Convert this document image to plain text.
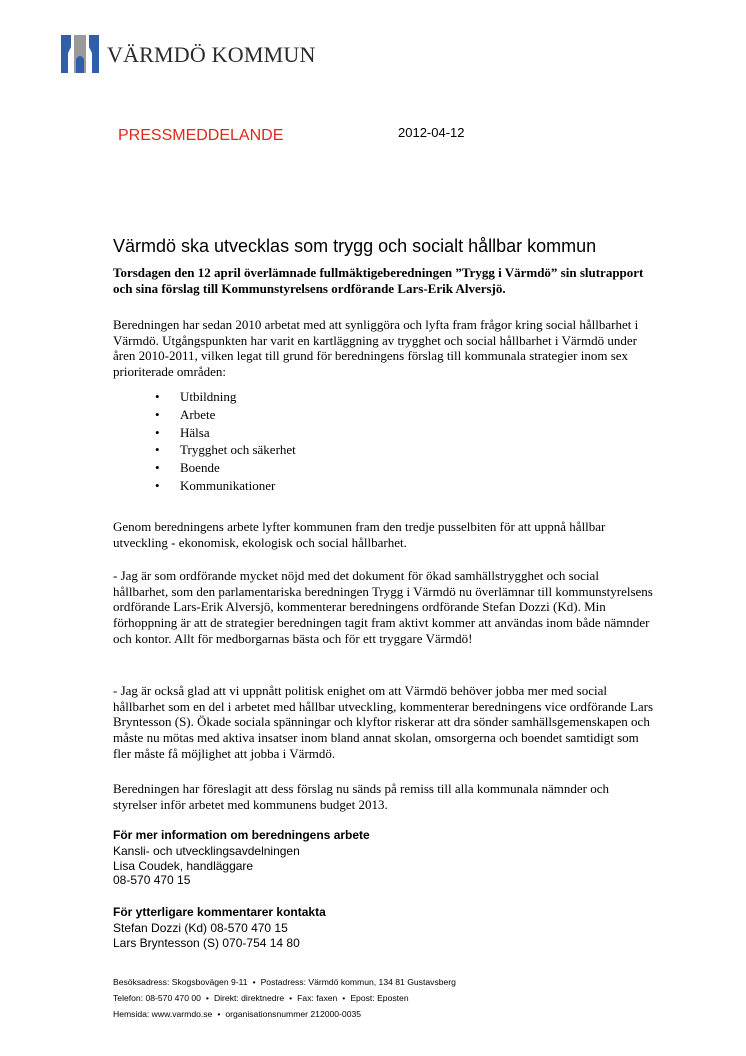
VÄRMDÖ KOMMUN
PRESSMEDDELANDE	2012-04-12
Värmdö ska utvecklas som trygg och socialt hållbar kommun
Torsdagen den 12 april överlämnade fullmäktigeberedningen ”Trygg i Värmdö” sin slutrapport och sina förslag till Kommunstyrelsens ordförande Lars-Erik Alversjö.
Beredningen har sedan 2010 arbetat med att synliggöra och lyfta fram frågor kring social hållbarhet i Värmdö. Utgångspunkten har varit en kartläggning av trygghet och social hållbarhet i Värmdö under åren 2010-2011, vilken legat till grund för beredningens förslag till kommunala strategier inom sex prioriterade områden:
• Utbildning
• Arbete
• Hälsa
• Trygghet och säkerhet
• Boende
• Kommunikationer
Genom beredningens arbete lyfter kommunen fram den tredje pusselbiten för att uppnå hållbar utveckling - ekonomisk, ekologisk och social hållbarhet.
- Jag är som ordförande mycket nöjd med det dokument för ökad samhällstrygghet och social hållbarhet, som den parlamentariska beredningen Trygg i Värmdö nu överlämnar till kommunstyrelsens ordförande Lars-Erik Alversjö, kommenterar beredningens ordförande Stefan Dozzi (Kd). Min förhoppning är att de strategier beredningen tagit fram aktivt kommer att användas inom både nämnder och kontor. Allt för medborgarnas bästa och för ett tryggare Värmdö!
- Jag är också glad att vi uppnått politisk enighet om att Värmdö behöver jobba mer med social hållbarhet som en del i arbetet med hållbar utveckling, kommenterar beredningens vice ordförande Lars Bryntesson (S). Ökade sociala spänningar och klyftor riskerar att dra sönder samhällsgemenskapen och måste nu mötas med aktiva insatser inom bland annat skolan, omsorgerna och boendet samtidigt som fler måste få möjlighet att jobba i Värmdö.
Beredningen har föreslagit att dess förslag nu sänds på remiss till alla kommunala nämnder och styrelser inför arbetet med kommunens budget 2013.
För mer information om beredningens arbete
Kansli- och utvecklingsavdelningen
Lisa Coudek, handläggare
08-570 470 15
För ytterligare kommentarer kontakta
Stefan Dozzi (Kd) 08-570 470 15
Lars Bryntesson (S) 070-754 14 80
Besöksadress: Skogsbovägen 9-11 • Postadress: Värmdö kommun, 134 81 Gustavsberg
Telefon: 08-570 470 00 • Direkt: direktnedre • Fax: faxen • Epost: Eposten
Hemsida: www.varmdo.se • organisationsnummer 212000-0035
